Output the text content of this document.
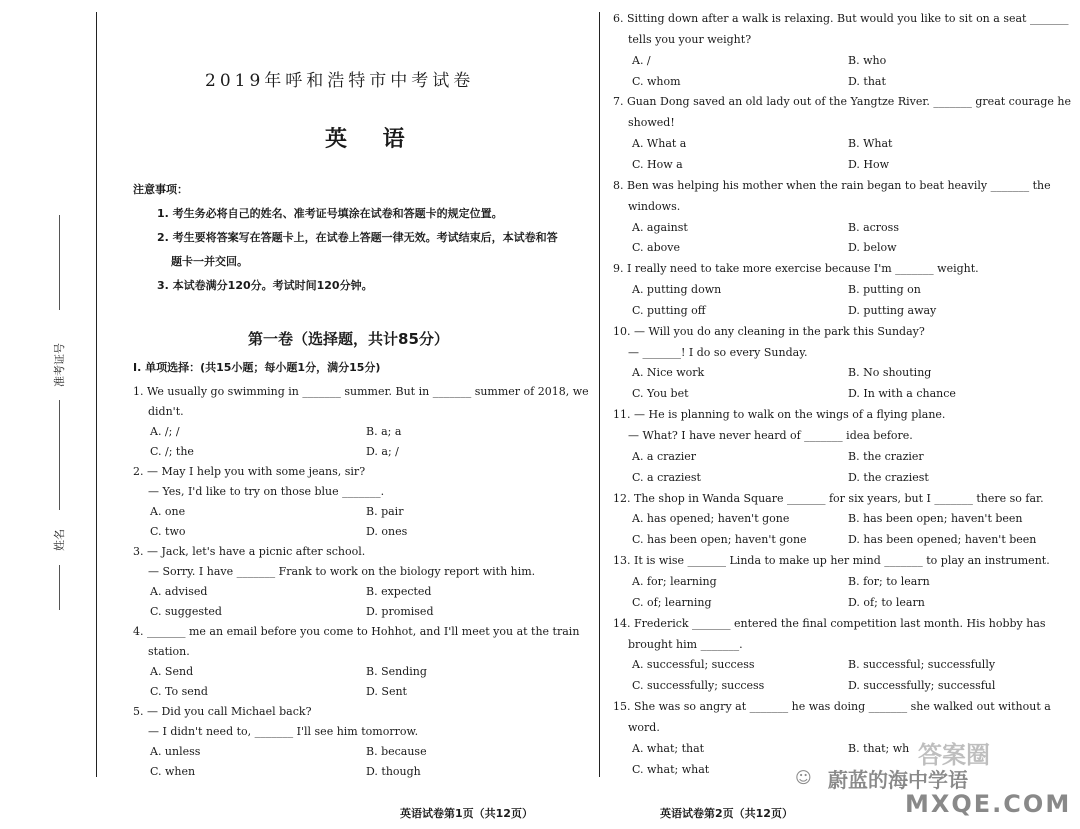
准考证号
姓名
2019年呼和浩特市中考试卷
英 语
注意事项：
1. 考生务必将自己的姓名、准考证号填涂在试卷和答题卡的规定位置。
2. 考生要将答案写在答题卡上，在试卷上答题一律无效。考试结束后，本试卷和答
题卡一并交回。
3. 本试卷满分120分。考试时间120分钟。
第一卷（选择题，共计85分）
Ⅰ. 单项选择：(共15小题；每小题1分，满分15分)
1. We usually go swimming in _______ summer. But in _______ summer of 2018, we
didn't.
A. /; /	B. a; a
C. /; the	D. a; /
2. — May I help you with some jeans, sir?
— Yes, I'd like to try on those blue _______.
A. one	B. pair
C. two	D. ones
3. — Jack, let's have a picnic after school.
— Sorry. I have _______ Frank to work on the biology report with him.
A. advised	B. expected
C. suggested	D. promised
4. _______ me an email before you come to Hohhot, and I'll meet you at the train
station.
A. Send	B. Sending
C. To send	D. Sent
5. — Did you call Michael back?
— I didn't need to, _______ I'll see him tomorrow.
A. unless	B. because
C. when	D. though
6. Sitting down after a walk is relaxing. But would you like to sit on a seat _______
tells you your weight?
A. /	B. who
C. whom	D. that
7. Guan Dong saved an old lady out of the Yangtze River. _______ great courage he
showed!
A. What a	B. What
C. How a	D. How
8. Ben was helping his mother when the rain began to beat heavily _______ the
windows.
A. against	B. across
C. above	D. below
9. I really need to take more exercise because I'm _______ weight.
A. putting down	B. putting on
C. putting off	D. putting away
10. — Will you do any cleaning in the park this Sunday?
— _______! I do so every Sunday.
A. Nice work	B. No shouting
C. You bet	D. In with a chance
11. — He is planning to walk on the wings of a flying plane.
— What? I have never heard of _______ idea before.
A. a crazier	B. the crazier
C. a craziest	D. the craziest
12. The shop in Wanda Square _______ for six years, but I _______ there so far.
A. has opened; haven't gone	B. has been open; haven't been
C. has been open; haven't gone	D. has been opened; haven't been
13. It is wise _______ Linda to make up her mind _______ to play an instrument.
A. for; learning	B. for; to learn
C. of; learning	D. of; to learn
14. Frederick _______ entered the final competition last month. His hobby has
brought him _______.
A. successful; success	B. successful; successfully
C. successfully; success	D. successfully; successful
15. She was so angry at _______ he was doing _______ she walked out without a
word.
A. what; that	B. that; wh
C. what; what
英语试卷第1页（共12页）	英语试卷第2页（共12页）
☺ 蔚蓝的海中学语
答案圈
MXQE.COM
